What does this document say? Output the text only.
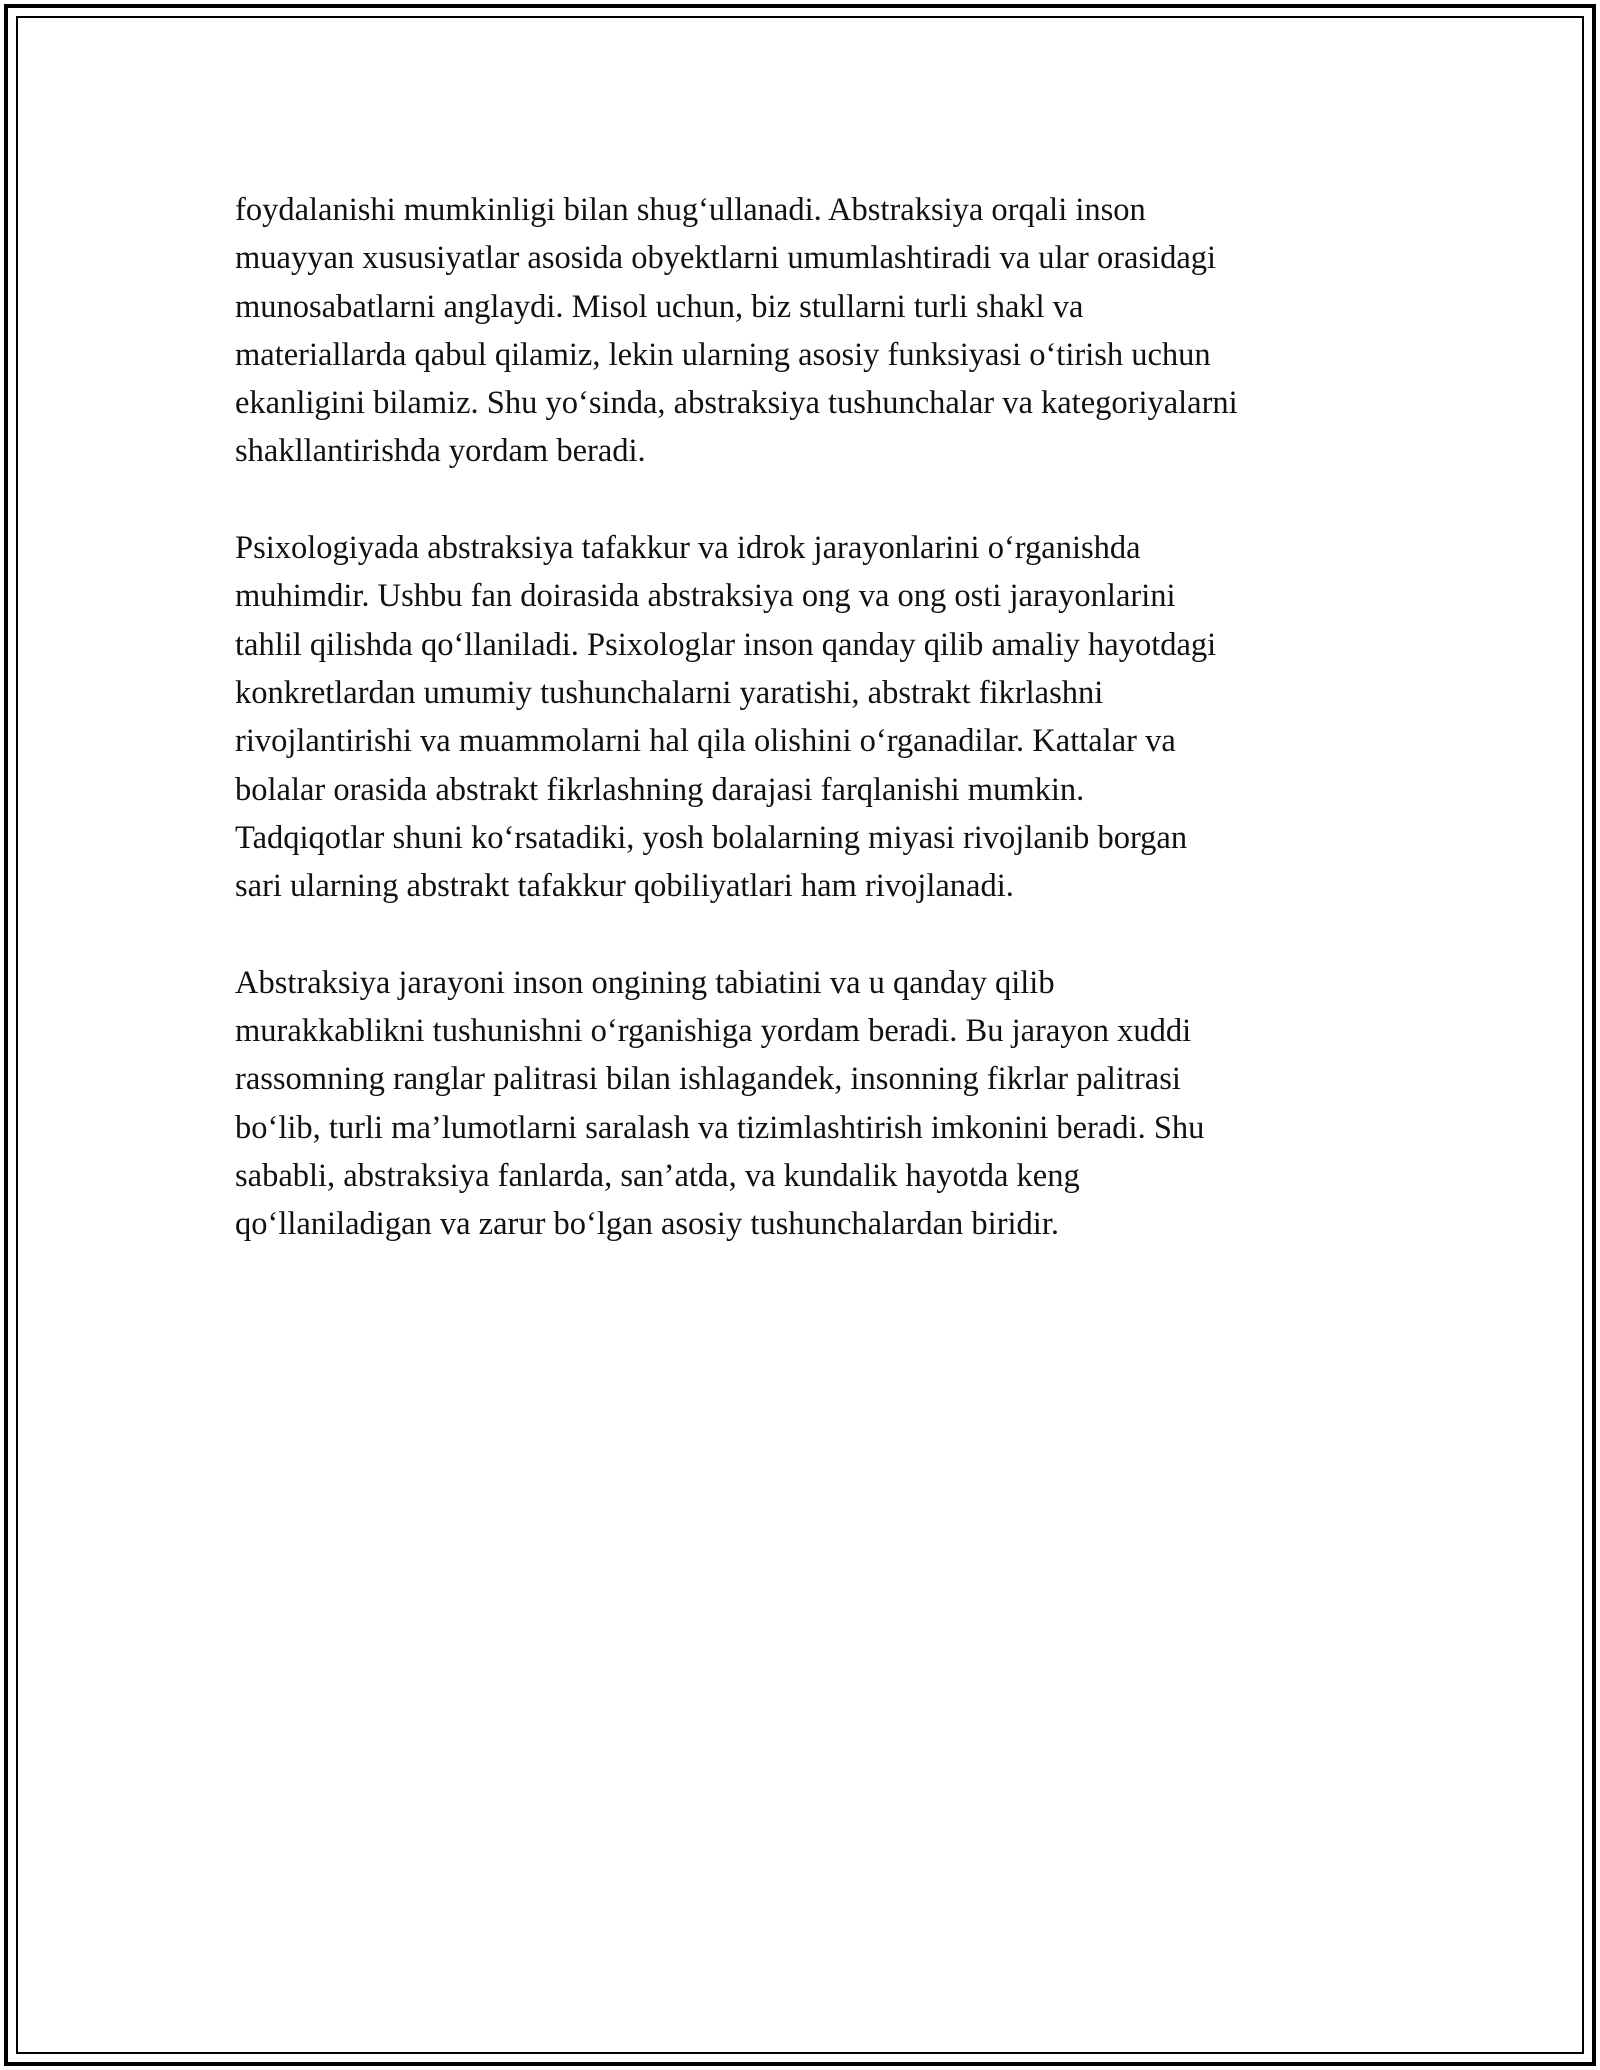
foydalanishi mumkinligi bilan shug‘ullanadi. Abstraksiya orqali inson
muayyan xususiyatlar asosida obyektlarni umumlashtiradi va ular orasidagi
munosabatlarni anglaydi. Misol uchun, biz stullarni turli shakl va
materiallarda qabul qilamiz, lekin ularning asosiy funksiyasi o‘tirish uchun
ekanligini bilamiz. Shu yo‘sinda, abstraksiya tushunchalar va kategoriyalarni
shakllantirishda yordam beradi.

Psixologiyada abstraksiya tafakkur va idrok jarayonlarini o‘rganishda
muhimdir. Ushbu fan doirasida abstraksiya ong va ong osti jarayonlarini
tahlil qilishda qo‘llaniladi. Psixologlar inson qanday qilib amaliy hayotdagi
konkretlardan umumiy tushunchalarni yaratishi, abstrakt fikrlashni
rivojlantirishi va muammolarni hal qila olishini o‘rganadilar. Kattalar va
bolalar orasida abstrakt fikrlashning darajasi farqlanishi mumkin.
Tadqiqotlar shuni ko‘rsatadiki, yosh bolalarning miyasi rivojlanib borgan
sari ularning abstrakt tafakkur qobiliyatlari ham rivojlanadi.

Abstraksiya jarayoni inson ongining tabiatini va u qanday qilib
murakkablikni tushunishni o‘rganishiga yordam beradi. Bu jarayon xuddi
rassomning ranglar palitrasi bilan ishlagandek, insonning fikrlar palitrasi
bo‘lib, turli ma’lumotlarni saralash va tizimlashtirish imkonini beradi. Shu
sababli, abstraksiya fanlarda, san’atda, va kundalik hayotda keng
qo‘llaniladigan va zarur bo‘lgan asosiy tushunchalardan biridir.
